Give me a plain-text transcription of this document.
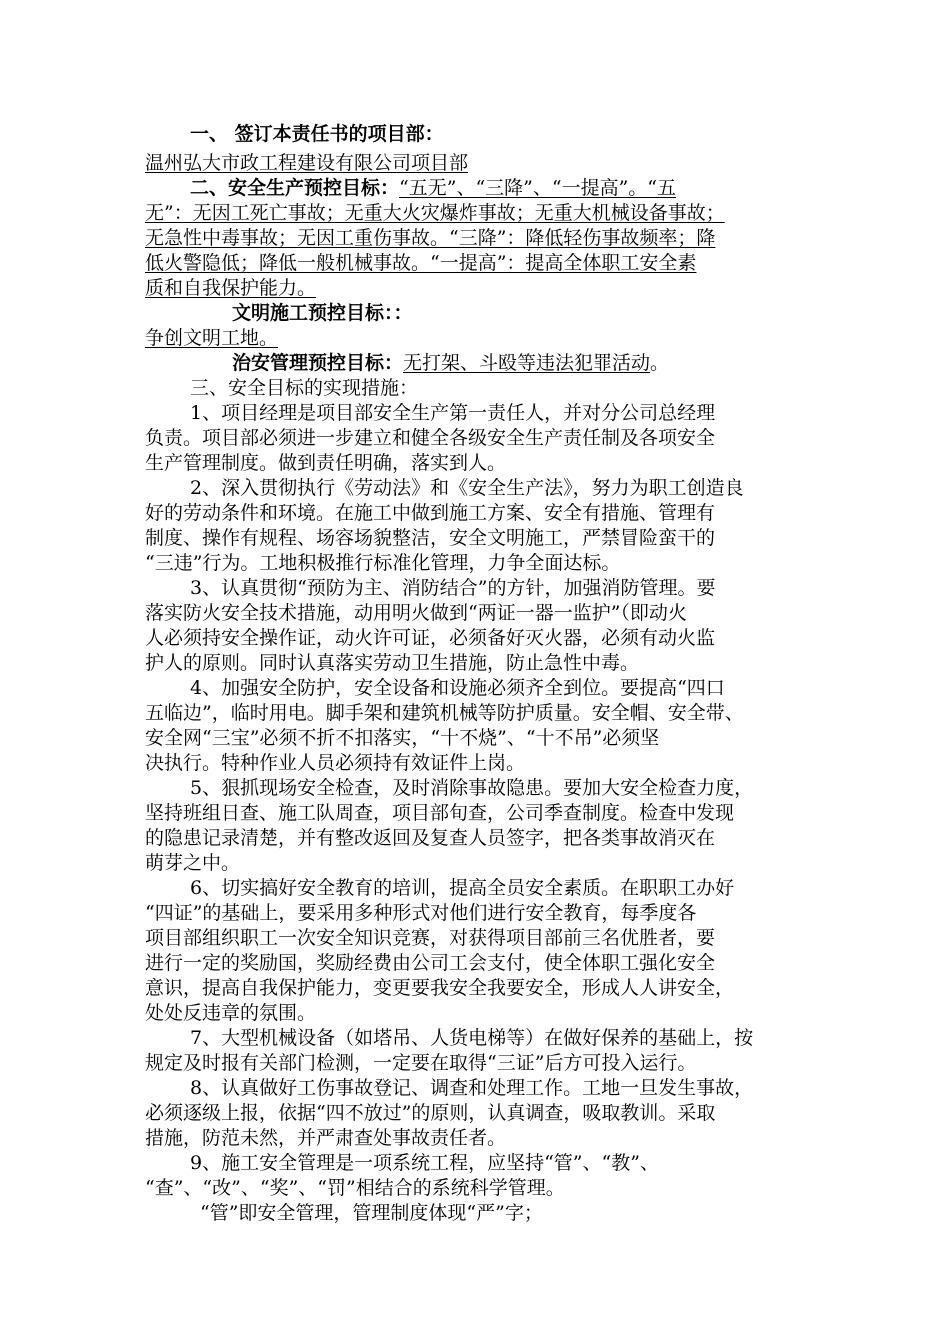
一、 签订本责任书的项目部：
温州弘大市政工程建设有限公司项目部
二、安全生产预控目标：“五无”、“三降”、“一提高”。“五
无”：无因工死亡事故；无重大火灾爆炸事故；无重大机械设备事故；
无急性中毒事故；无因工重伤事故。“三降”：降低轻伤事故频率；降
低火警隐低；降低一般机械事故。“一提高”：提高全体职工安全素
质和自我保护能力。
文明施工预控目标：：
争创文明工地。
治安管理预控目标：无打架、斗殴等违法犯罪活动。
三、安全目标的实现措施：
1、项目经理是项目部安全生产第一责任人，并对分公司总经理
负责。项目部必须进一步建立和健全各级安全生产责任制及各项安全
生产管理制度。做到责任明确，落实到人。
2、深入贯彻执行《劳动法》和《安全生产法》，努力为职工创造良
好的劳动条件和环境。在施工中做到施工方案、安全有措施、管理有
制度、操作有规程、场容场貌整洁，安全文明施工，严禁冒险蛮干的
“三违”行为。工地积极推行标准化管理，力争全面达标。
3、认真贯彻“预防为主、消防结合”的方针，加强消防管理。要
落实防火安全技术措施，动用明火做到“两证一器一监护”（即动火
人必须持安全操作证，动火许可证，必须备好灭火器，必须有动火监
护人的原则。同时认真落实劳动卫生措施，防止急性中毒。
4、加强安全防护，安全设备和设施必须齐全到位。要提高“四口
五临边”，临时用电。脚手架和建筑机械等防护质量。安全帽、安全带、
安全网“三宝”必须不折不扣落实，“十不烧”、“十不吊”必须坚
决执行。特种作业人员必须持有效证件上岗。
5、狠抓现场安全检查，及时消除事故隐患。要加大安全检查力度，
坚持班组日查、施工队周查，项目部旬查，公司季查制度。检查中发现
的隐患记录清楚，并有整改返回及复查人员签字，把各类事故消灭在
萌芽之中。
6、切实搞好安全教育的培训，提高全员安全素质。在职职工办好
“四证”的基础上，要采用多种形式对他们进行安全教育，每季度各
项目部组织职工一次安全知识竞赛，对获得项目部前三名优胜者，要
进行一定的奖励国，奖励经费由公司工会支付，使全体职工强化安全
意识，提高自我保护能力，变更要我安全我要安全，形成人人讲安全，
处处反违章的氛围。
7、大型机械设备（如塔吊、人货电梯等）在做好保养的基础上，按
规定及时报有关部门检测，一定要在取得“三证”后方可投入运行。
8、认真做好工伤事故登记、调查和处理工作。工地一旦发生事故，
必须逐级上报，依据“四不放过”的原则，认真调查，吸取教训。采取
措施，防范未然，并严肃查处事故责任者。
9、施工安全管理是一项系统工程，应坚持“管”、“教”、
“查”、“改”、“奖”、“罚”相结合的系统科学管理。
“管”即安全管理，管理制度体现“严”字；
